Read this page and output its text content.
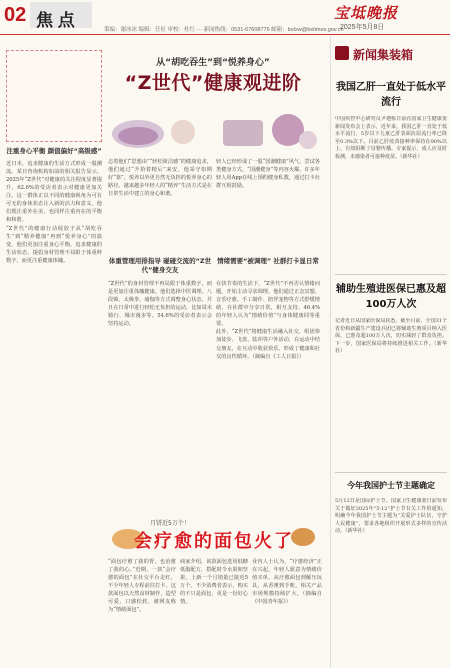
02 焦 点	策编：谢冰冰 编辑：任征 审校：杜红 ··· 新闻热线：0531-67608776 邮箱：bxtxw@bxtimes.gov.cn
宝坻晚报
2025年5月8日
从“胡吃吞生”到“悦养身心”
“Z世代”健康观进阶
注重身心平衡 颜值偏好“高级感”
近日本，追求健康的生活方式形成一股潮流。某日咨询机构如前的相关报告显示，2025年“Z世代”对健康的关注程度显著提升，62.6%的受访者表示对健康更加关注。这一群体正以不同的健康视角为可有可无的身体状态注入新的活力和意义。他们既注重外在美，也同样注重内在的平衡和和谐。
“Z世代”的健康行动绽放于从“胡吃吞生”到“精养健康”再到“悦养身心”的演变。他们更加注重身心平衡，追求健康的生活状态，提倡身材管理不局限于体重秤数字，而更注重健康体魄。
志着他们“思想由”“轻松简洁感”的健康追求，他们通过“升拾着精后”来安，他采守如期好“靠”，悦养以外更自然无负担的悦养身心的路径。越来越多年轻人的“精养”生活方式是在日常生活中建立的身心和谐。
体重管理用排指导 碰碰交流的“Z世代”健身交友
“Z世代”的身材管理不再局限于体重数字，而是更加注重体魄健康。他们选择中医调理、八段锦、太极拳、瑜伽等方式调整身心状态，并且在日常中进行轻松无负担的运动，比如周末骑行、城市漫步等。54.6%的受访者表示会坚持运动。
轻人已经形成了一股“国潮健康”风气。尝试各类健身方式，“国潮健身”等内容火爆，许多年轻人用App在线上预约健身私教，通过打卡社群互相鼓励。
情绪需要“被调理” 社群打卡显日常
在快节奏的生活下，“Z世代”不再否认情绪问题，开始主动寻求调理。他们通过正念冥想、音乐疗愈、手工制作、陪伴宠物等方式舒缓情绪，在社群中分享日常，相互支持。46.4%的年轻人认为“情绪价值”与身体健康同等重要。
此外，“Z世代”将健康生活融入社交，组团参加徒步、飞盘、陆冲等户外活动，在运动中结交朋友，在互动中收获快乐，形成了健康和社交的良性循环。（摘编自《工人日报》）
月饼近5万个！
会疗愈的面包火了
“面包疗愈了我的胃，也治愈了我的心。”近期，一款“会疗愈的面包”在社交平台走红，不少年轻人专程前往打卡。这款面包以天然食材制作，造型可爱，口感松软，被网友称为“情绪面包”。
商家介绍，该款面包选用低糖低脂配方，搭配时令水果和坚果，上新一个月销量已接近5万个。不少消费者表示，购买的不只是面包，更是一份好心情。
业内人士认为，“疗愈经济”正在兴起，年轻人愿意为情绪价值买单。从疗愈面包到解压玩具，从香薰到手账，相关产品市场规模持续扩大。（摘编自《中国青年报》）
新闻集装箱
我国乙肝一直处于低水平流行
中国疾控中心研究员尹遵栋日前在国家卫生健康委新闻发布会上表示，近年来，我国乙肝一直处于低水平流行，5岁以下儿童乙肝表面抗原流行率已降至0.3%以下。目前乙肝疫苗接种率保持在90%以上，有效阻断了母婴传播。专家提示，成人应及时检测，未感染者可接种疫苗。（新华社）
辅助生殖进医保已惠及超100万人次
记者近日从国家医保局获悉，截至目前，全国31个省份和新疆生产建设兵团已将辅助生殖项目纳入医保，已惠及超100万人次，切实减轻了群众负担。下一步，国家医保局将持续推进相关工作。（新华社）
今年我国护士节主题确定
5月12日是国际护士节。国家卫生健康委日前发布关于做好2025年“5·12”护士节有关工作的通知，明确今年我国护士节主题为“关爱护士队伍，守护人民健康”，要求各地组织开展形式多样的宣传活动。（新华社）
